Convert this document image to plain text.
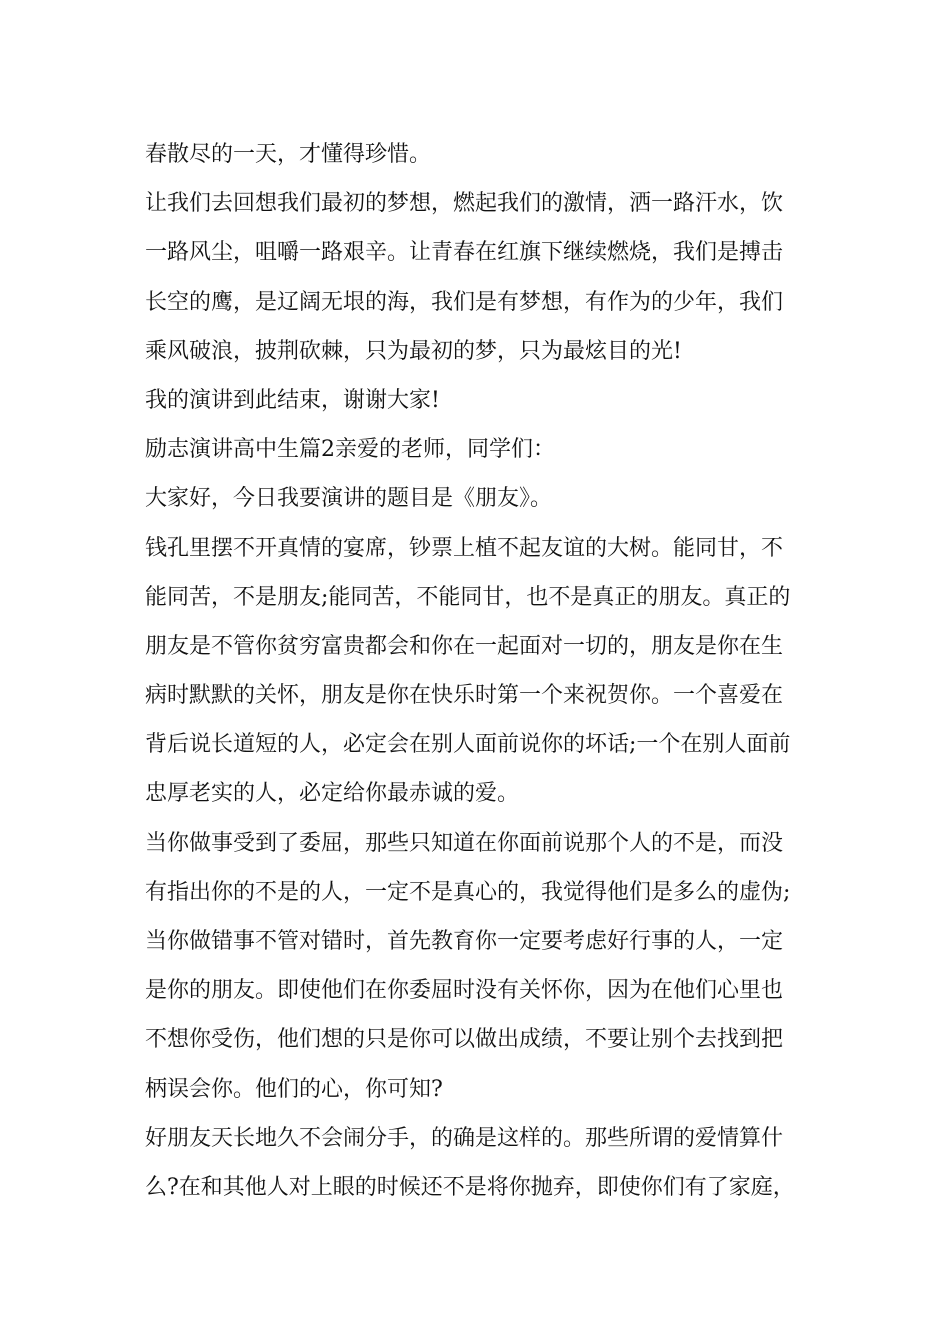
春散尽的一天，才懂得珍惜。
让我们去回想我们最初的梦想，燃起我们的激情，洒一路汗水，饮
一路风尘，咀嚼一路艰辛。让青春在红旗下继续燃烧，我们是搏击
长空的鹰，是辽阔无垠的海，我们是有梦想，有作为的少年，我们
乘风破浪，披荆砍棘，只为最初的梦，只为最炫目的光!
我的演讲到此结束，谢谢大家!
励志演讲高中生篇2亲爱的老师，同学们：
大家好，今日我要演讲的题目是《朋友》。
钱孔里摆不开真情的宴席，钞票上植不起友谊的大树。能同甘，不
能同苦，不是朋友;能同苦，不能同甘，也不是真正的朋友。真正的
朋友是不管你贫穷富贵都会和你在一起面对一切的，朋友是你在生
病时默默的关怀，朋友是你在快乐时第一个来祝贺你。一个喜爱在
背后说长道短的人，必定会在别人面前说你的坏话;一个在别人面前
忠厚老实的人，必定给你最赤诚的爱。
当你做事受到了委屈，那些只知道在你面前说那个人的不是，而没
有指出你的不是的人，一定不是真心的，我觉得他们是多么的虚伪;
当你做错事不管对错时，首先教育你一定要考虑好行事的人，一定
是你的朋友。即使他们在你委屈时没有关怀你，因为在他们心里也
不想你受伤，他们想的只是你可以做出成绩，不要让别个去找到把
柄误会你。他们的心，你可知?
好朋友天长地久不会闹分手，的确是这样的。那些所谓的爱情算什
么?在和其他人对上眼的时候还不是将你抛弃，即使你们有了家庭，
